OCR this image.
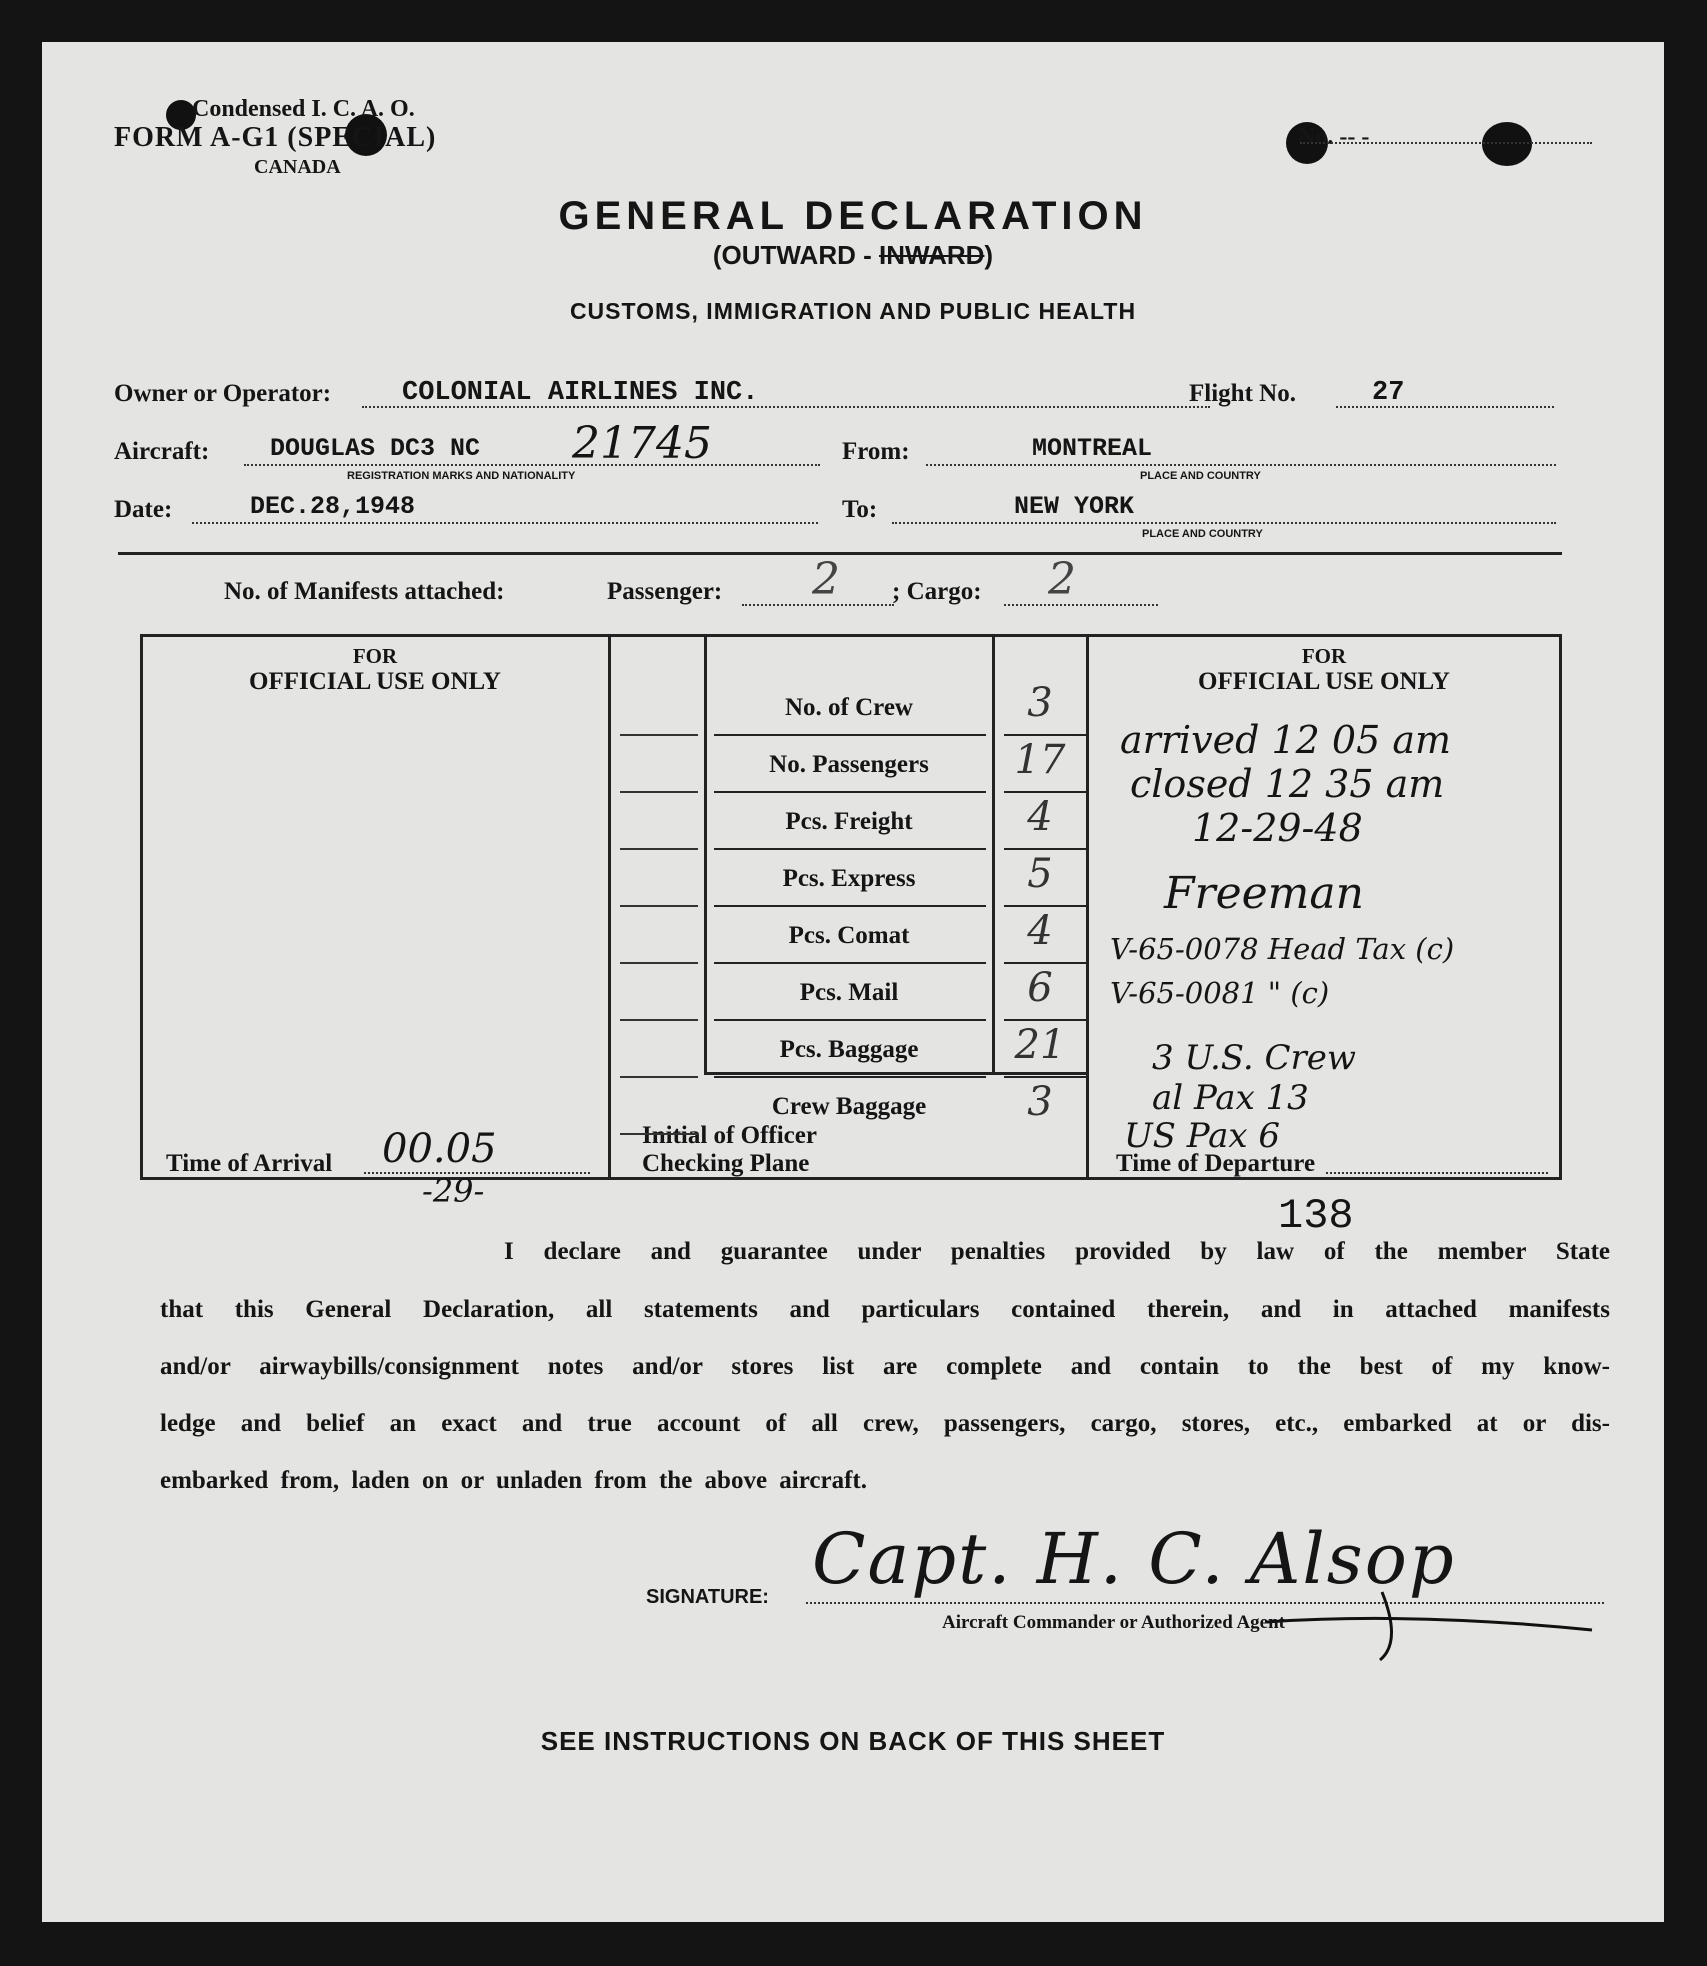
Condensed I. C. A. O.
FORM A-G1 (SPECIAL)
CANADA
No. -- -
GENERAL DECLARATION
(OUTWARD - INWARD)
CUSTOMS, IMMIGRATION AND PUBLIC HEALTH
Owner or Operator:	COLONIAL AIRLINES INC.	Flight No.	27
Aircraft: DOUGLAS DC3 NC 21745
REGISTRATION MARKS AND NATIONALITY
From:	MONTREAL
PLACE AND COUNTRY
Date:	DEC.28,1948	To:	NEW YORK
PLACE AND COUNTRY
No. of Manifests attached:	Passenger: 2 ; Cargo: 2
FOR
OFFICIAL USE ONLY
FOR
OFFICIAL USE ONLY
Time of Arrival 00.05
-29-
Initial of Officer
Checking Plane	Time of Departure
arrived 12 05 am
closed 12 35 am
12-29-48
Freeman
V-65-0078 Head Tax (c)
V-65-0081 " (c)
3 U.S. Crew
al Pax 13
US Pax 6
138
I declare and guarantee under penalties provided by law of the member State
that this General Declaration, all statements and particulars contained therein, and in attached manifests
and/or airwaybills/consignment notes and/or stores list are complete and contain to the best of my know-
ledge and belief an exact and true account of all crew, passengers, cargo, stores, etc., embarked at or dis-
embarked from, laden on or unladen from the above aircraft.
SIGNATURE: Capt. H. C. Alsop
Aircraft Commander or Authorized Agent
SEE INSTRUCTIONS ON BACK OF THIS SHEET
No. of Crew	3
No. Passengers	17
Pcs. Freight	4
Pcs. Express	5
Pcs. Comat	4
Pcs. Mail	6
Pcs. Baggage	21
Crew Baggage	3
